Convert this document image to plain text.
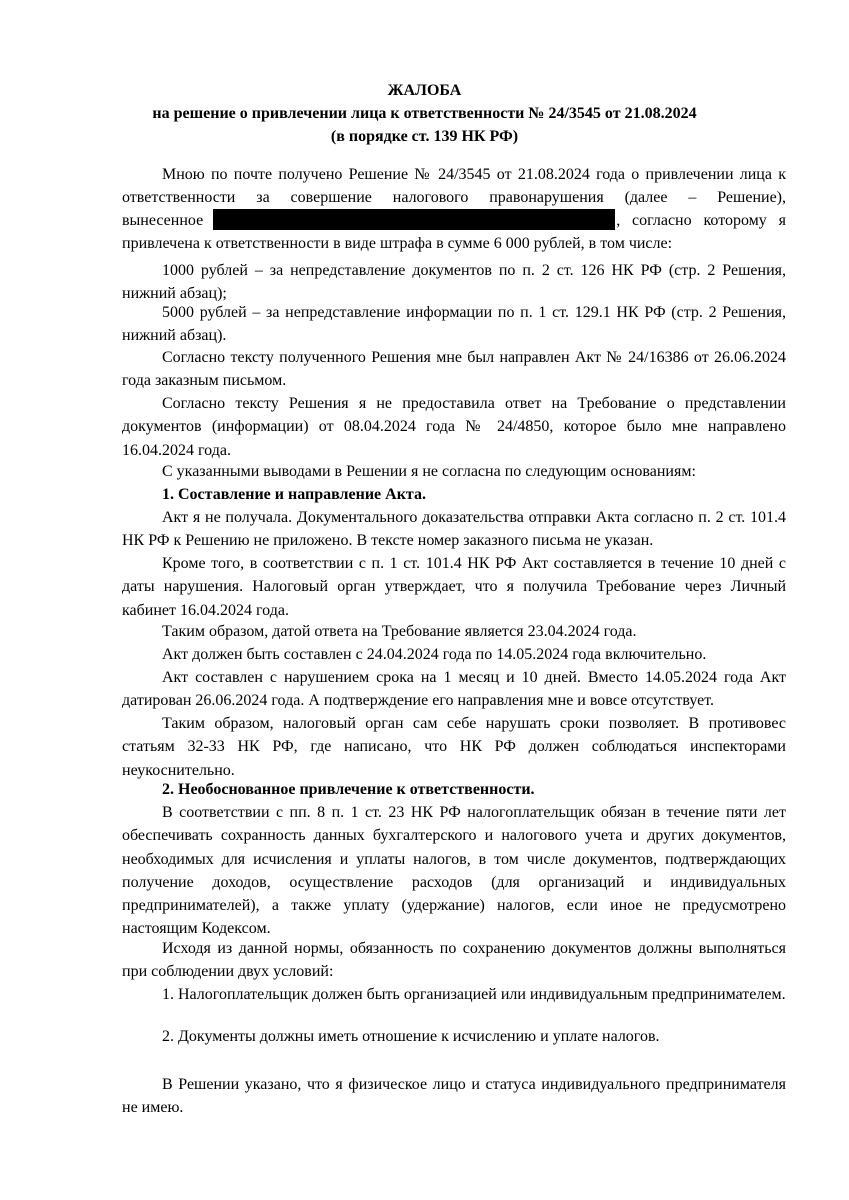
ЖАЛОБА
на решение о привлечении лица к ответственности № 24/3545 от 21.08.2024
(в порядке ст. 139 НК РФ)

Мною по почте получено Решение № 24/3545 от 21.08.2024 года о привлечении лица к ответственности за совершение налогового правонарушения (далее – Решение),

вынесенное	, согласно которому я

привлечена к ответственности в виде штрафа в сумме 6 000 рублей, в том числе:

1000 рублей – за непредставление документов по п. 2 ст. 126 НК РФ (стр. 2 Решения, нижний абзац);

5000 рублей – за непредставление информации по п. 1 ст. 129.1 НК РФ (стр. 2 Решения, нижний абзац).

Согласно тексту полученного Решения мне был направлен Акт № 24/16386 от 26.06.2024 года заказным письмом.

Согласно тексту Решения я не предоставила ответ на Требование о представлении документов (информации) от 08.04.2024 года № 24/4850, которое было мне направлено 16.04.2024 года.

С указанными выводами в Решении я не согласна по следующим основаниям:

1. Составление и направление Акта.

Акт я не получала. Документального доказательства отправки Акта согласно п. 2 ст. 101.4 НК РФ к Решению не приложено. В тексте номер заказного письма не указан.

Кроме того, в соответствии с п. 1 ст. 101.4 НК РФ Акт составляется в течение 10 дней с даты нарушения. Налоговый орган утверждает, что я получила Требование через Личный кабинет 16.04.2024 года.

Таким образом, датой ответа на Требование является 23.04.2024 года.

Акт должен быть составлен с 24.04.2024 года по 14.05.2024 года включительно.

Акт составлен с нарушением срока на 1 месяц и 10 дней. Вместо 14.05.2024 года Акт датирован 26.06.2024 года. А подтверждение его направления мне и вовсе отсутствует.

Таким образом, налоговый орган сам себе нарушать сроки позволяет. В противовес статьям 32-33 НК РФ, где написано, что НК РФ должен соблюдаться инспекторами неукоснительно.

2. Необоснованное привлечение к ответственности.

В соответствии с пп. 8 п. 1 ст. 23 НК РФ налогоплательщик обязан в течение пяти лет обеспечивать сохранность данных бухгалтерского и налогового учета и других документов, необходимых для исчисления и уплаты налогов, в том числе документов, подтверждающих получение доходов, осуществление расходов (для организаций и индивидуальных предпринимателей), а также уплату (удержание) налогов, если иное не предусмотрено настоящим Кодексом.

Исходя из данной нормы, обязанность по сохранению документов должны выполняться при соблюдении двух условий:

1. Налогоплательщик должен быть организацией или индивидуальным предпринимателем.

2. Документы должны иметь отношение к исчислению и уплате налогов.

В Решении указано, что я физическое лицо и статуса индивидуального предпринимателя не имею.
